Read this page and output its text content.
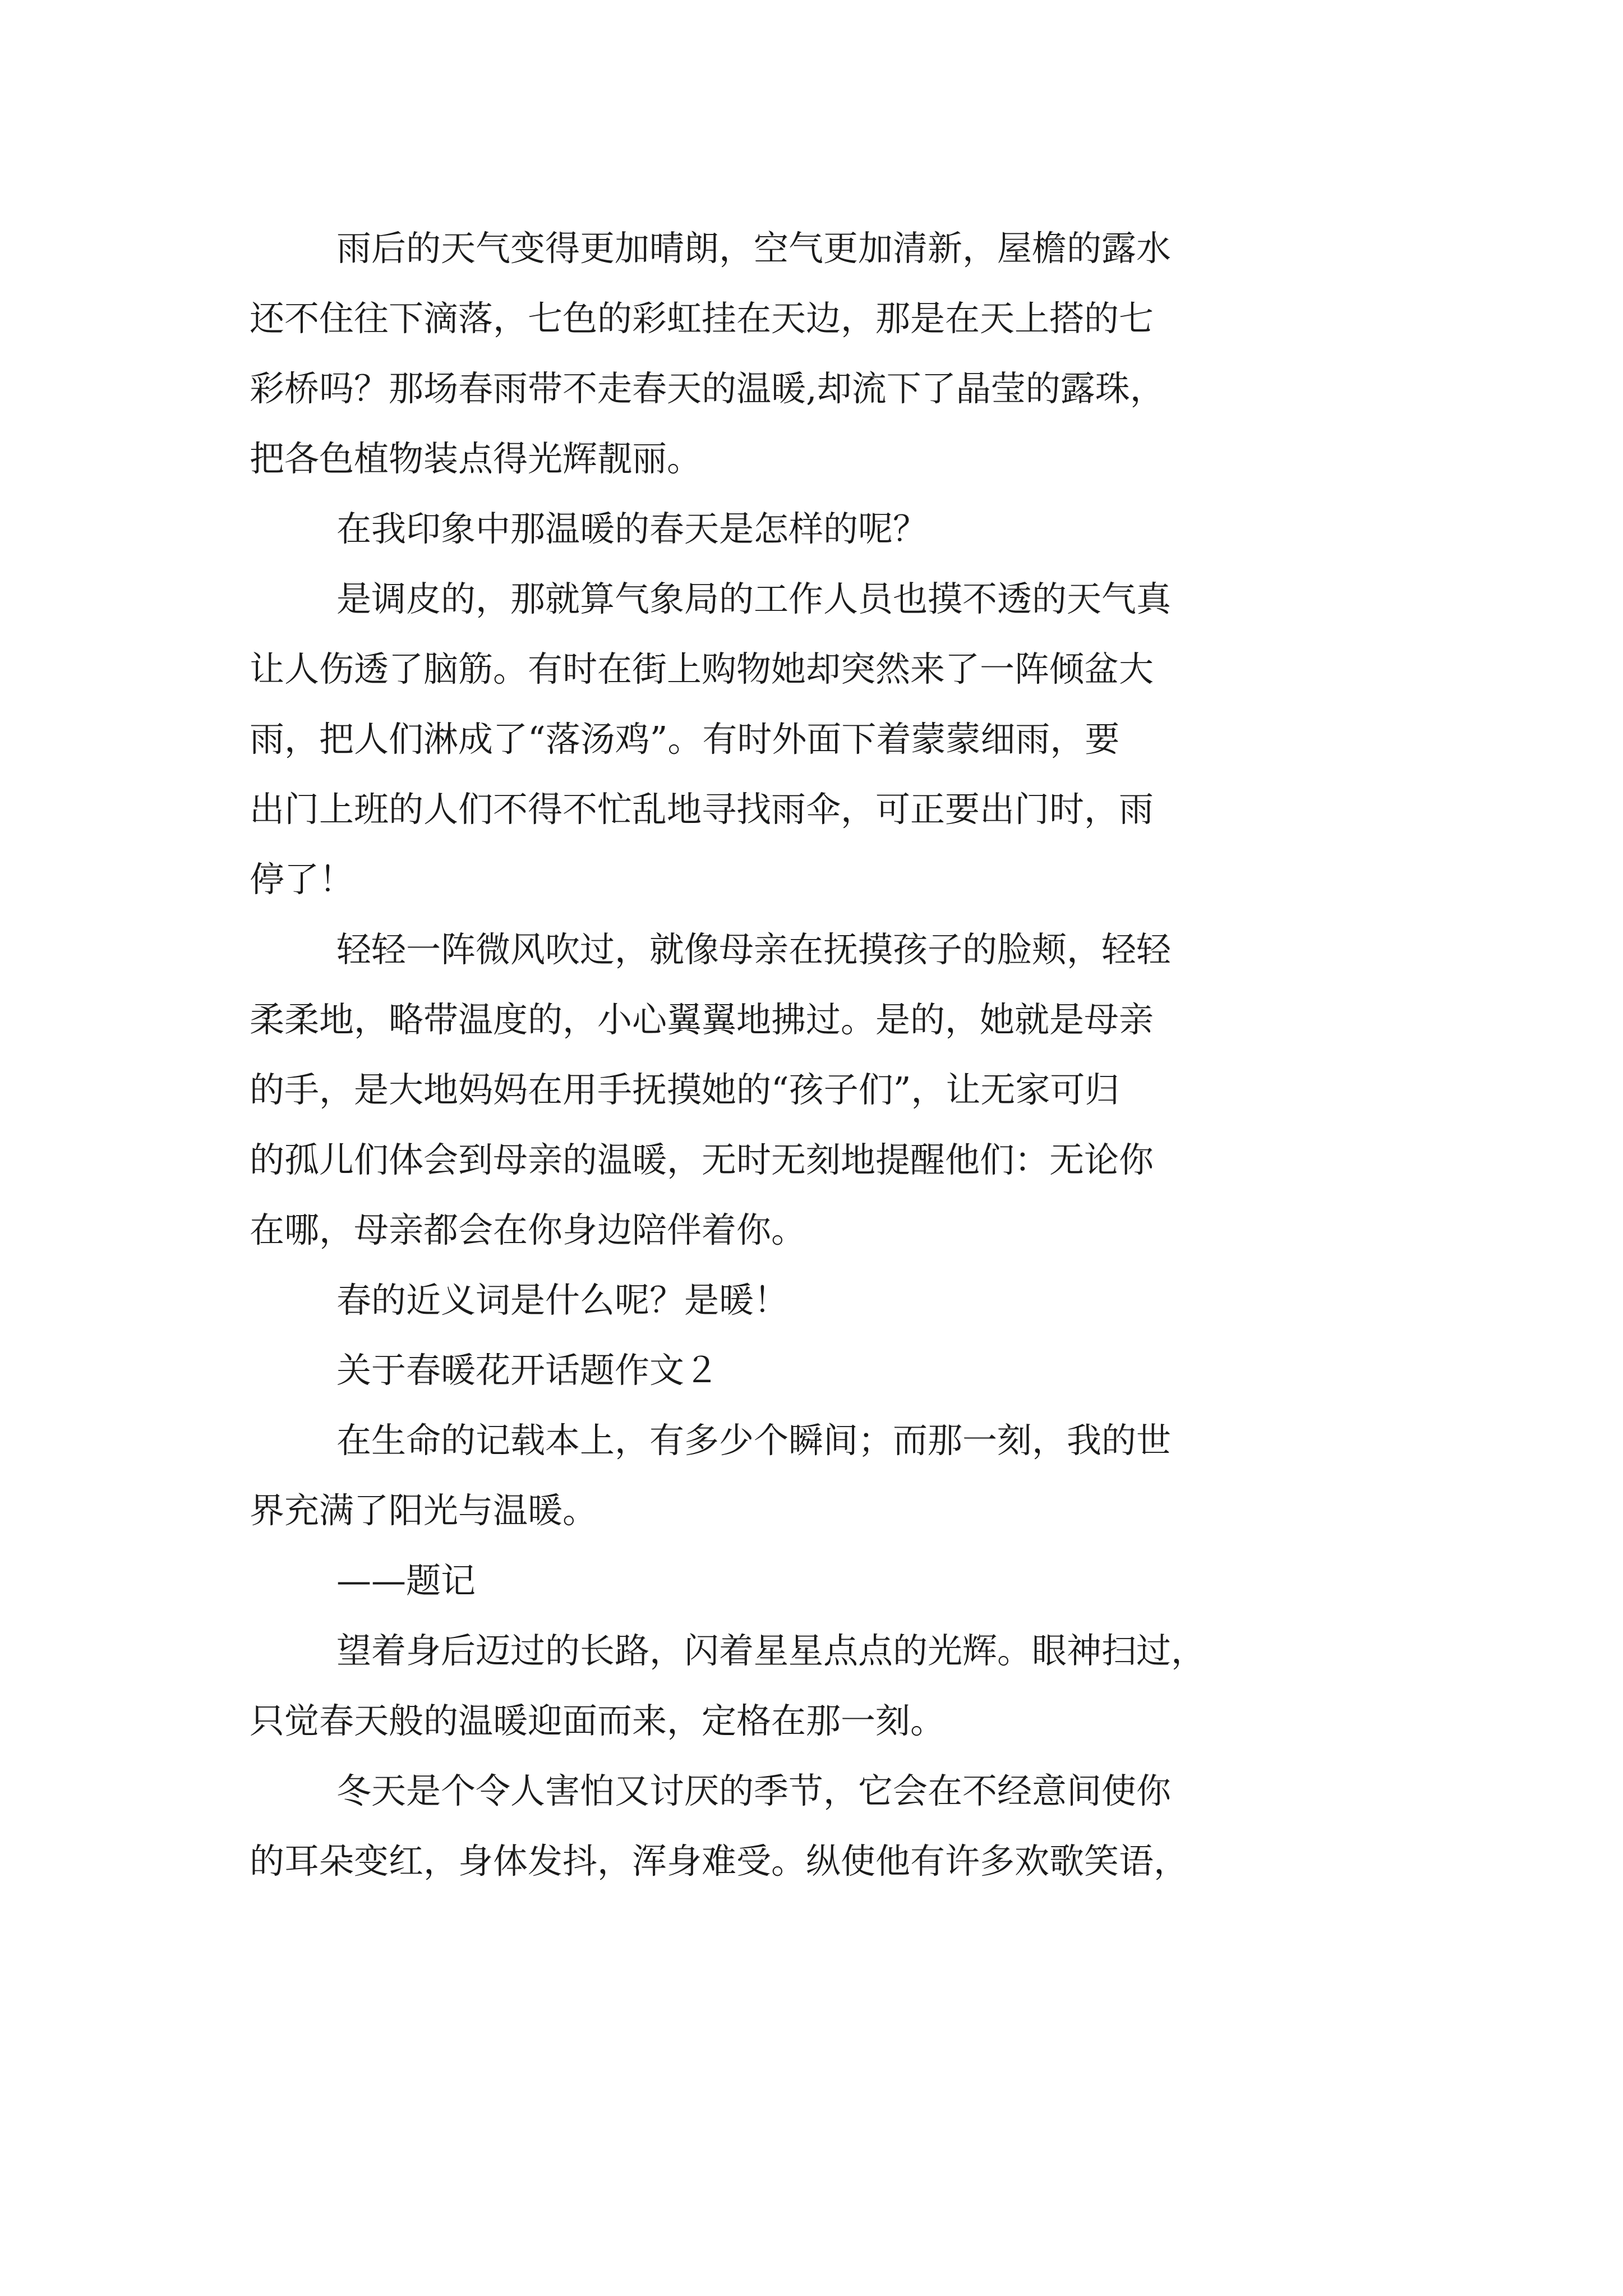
雨后的天气变得更加晴朗，空气更加清新，屋檐的露水
还不住往下滴落，七色的彩虹挂在天边，那是在天上搭的七
彩桥吗？那场春雨带不走春天的温暖,却流下了晶莹的露珠，
把各色植物装点得光辉靓丽。
在我印象中那温暖的春天是怎样的呢？
是调皮的，那就算气象局的工作人员也摸不透的天气真
让人伤透了脑筋。有时在街上购物她却突然来了一阵倾盆大
雨，把人们淋成了“落汤鸡”。有时外面下着蒙蒙细雨，要
出门上班的人们不得不忙乱地寻找雨伞，可正要出门时，雨
停了！
轻轻一阵微风吹过，就像母亲在抚摸孩子的脸颊，轻轻
柔柔地，略带温度的，小心翼翼地拂过。是的，她就是母亲
的手，是大地妈妈在用手抚摸她的“孩子们”，让无家可归
的孤儿们体会到母亲的温暖，无时无刻地提醒他们：无论你
在哪，母亲都会在你身边陪伴着你。
春的近义词是什么呢？是暖！
关于春暖花开话题作文２
在生命的记载本上，有多少个瞬间；而那一刻，我的世
界充满了阳光与温暖。
——题记
望着身后迈过的长路，闪着星星点点的光辉。眼神扫过，
只觉春天般的温暖迎面而来，定格在那一刻。
冬天是个令人害怕又讨厌的季节，它会在不经意间使你
的耳朵变红，身体发抖，浑身难受。纵使他有许多欢歌笑语，
